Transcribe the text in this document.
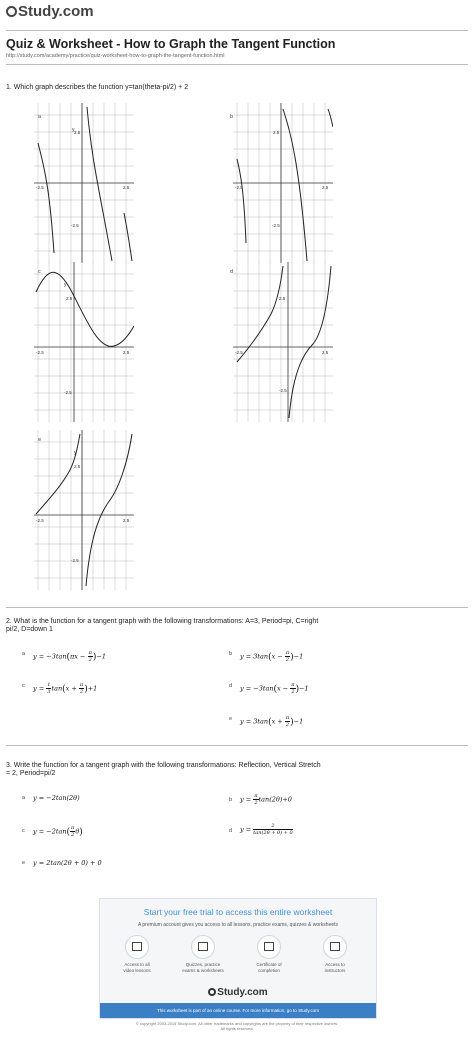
Study.com
Quiz & Worksheet - How to Graph the Tangent Function
http://study.com/academy/practice/quiz-worksheet-how-to-graph-the-tangent-function.html
1. Which graph describes the function y=tan(theta-pi/2) + 2
a	b
c	d
e
y 2.5
-2.5	2.5
-2.5
2.5
-2.5	2.5
-2.5
y
2.5
-2.5	2.5
-2.5
2.5
-2.5	2.5
-2.5
y
2.5
-2.5	2.5
-2.5
2. What is the function for a tangent graph with the following transformations: A=3, Period=pi, C=right
pi/2, D=down 1
a $y = -3\tan(\pi x - \frac{\pi}{2} )-1$	b $y = 3\tan(x - \frac{\pi}{2} )-1$
c $y = \frac{1}{3} \tan(x + \frac{\pi}{2} )+1$	d $y = -3\tan(x - \frac{\pi}{2} )-1$
e $y = 3\tan(x + \frac{\pi}{2} )-1$
3. Write the function for a tangent graph with the following transformations: Reflection, Vertical Stretch
= 2, Period=pi/2
a y = −2tan(2θ)	b $y = \frac{\pi}{2} \tan(2\theta)+0$
c $y = -2\tan( \frac{\pi}{2} \theta)$	d $y = \frac{2}{\tan(2\theta + 0) + 0}$
e y = 2tan(2θ + 0) + 0
Start your free trial to access this entire worksheet
A premium account gives you access to all lessons, practice exams, quizzes & worksheets
Access to all
video lessons
Quizzes, practice
exams & worksheets
Certificate of
completion
Access to
instructors
Study.com
This worksheet is part of an online course. For more information, go to Study.com
© copyright 2003-2015 Study.com. All other trademarks and copyrights are the property of their respective owners.
All rights reserved.
